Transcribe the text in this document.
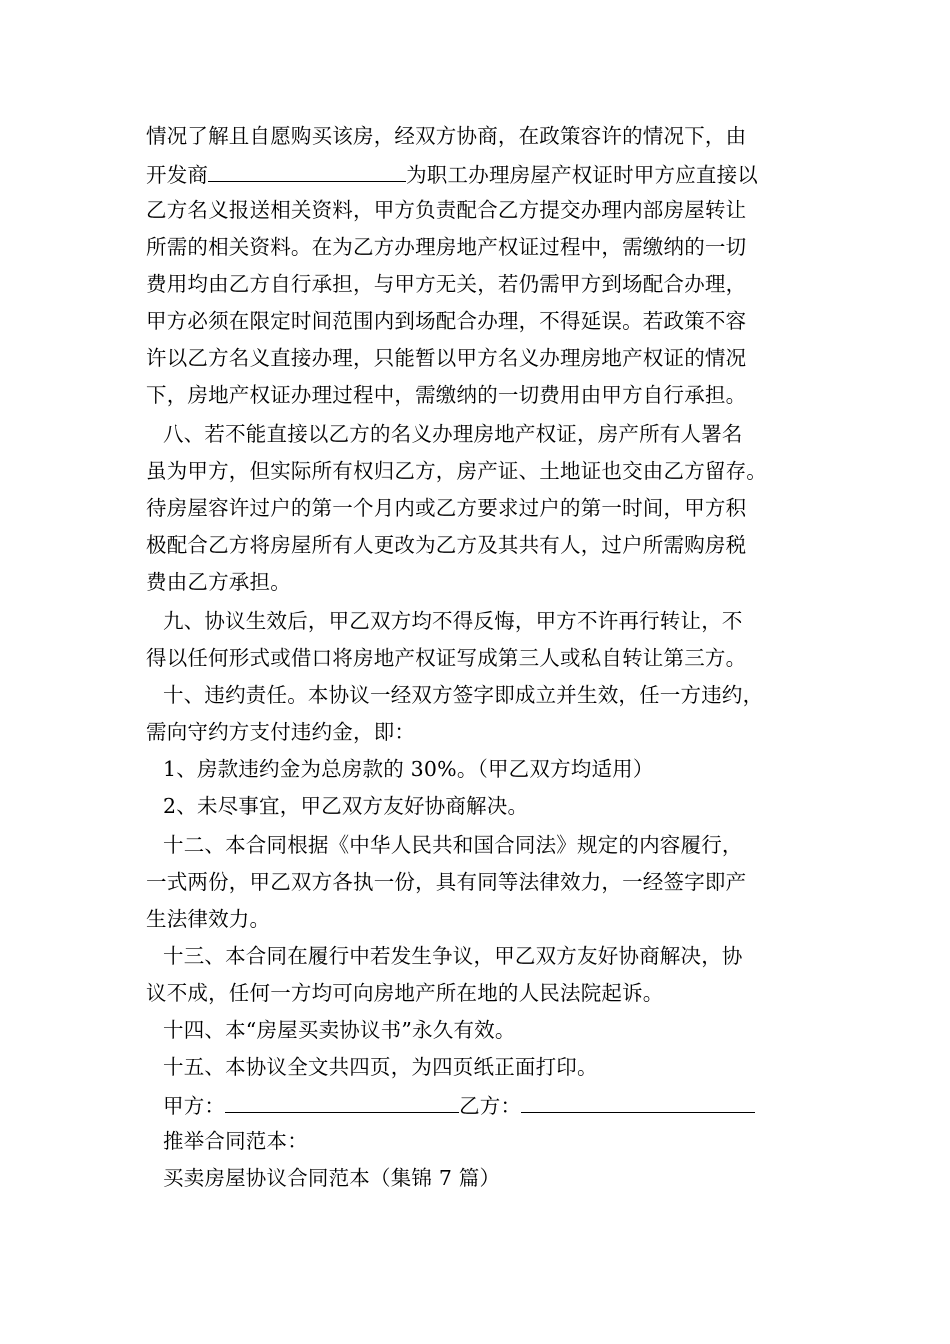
情况了解且自愿购买该房，经双方协商，在政策容许的情况下，由
开发商	为职工办理房屋产权证时甲方应直接以
乙方名义报送相关资料，甲方负责配合乙方提交办理内部房屋转让
所需的相关资料。在为乙方办理房地产权证过程中，需缴纳的一切
费用均由乙方自行承担，与甲方无关，若仍需甲方到场配合办理，
甲方必须在限定时间范围内到场配合办理，不得延误。若政策不容
许以乙方名义直接办理，只能暂以甲方名义办理房地产权证的情况
下，房地产权证办理过程中，需缴纳的一切费用由甲方自行承担。
八、若不能直接以乙方的名义办理房地产权证，房产所有人署名
虽为甲方，但实际所有权归乙方，房产证、土地证也交由乙方留存。
待房屋容许过户的第一个月内或乙方要求过户的第一时间，甲方积
极配合乙方将房屋所有人更改为乙方及其共有人，过户所需购房税
费由乙方承担。
九、协议生效后，甲乙双方均不得反悔，甲方不许再行转让，不
得以任何形式或借口将房地产权证写成第三人或私自转让第三方。
十、违约责任。本协议一经双方签字即成立并生效，任一方违约，
需向守约方支付违约金，即：
1、房款违约金为总房款的 30%。（甲乙双方均适用）
2、未尽事宜，甲乙双方友好协商解决。
十二、本合同根据《中华人民共和国合同法》规定的内容履行，
一式两份，甲乙双方各执一份，具有同等法律效力，一经签字即产
生法律效力。
十三、本合同在履行中若发生争议，甲乙双方友好协商解决，协
议不成，任何一方均可向房地产所在地的人民法院起诉。
十四、本“房屋买卖协议书”永久有效。
十五、本协议全文共四页，为四页纸正面打印。
甲方：	乙方：
推举合同范本：
买卖房屋协议合同范本（集锦 7 篇）
